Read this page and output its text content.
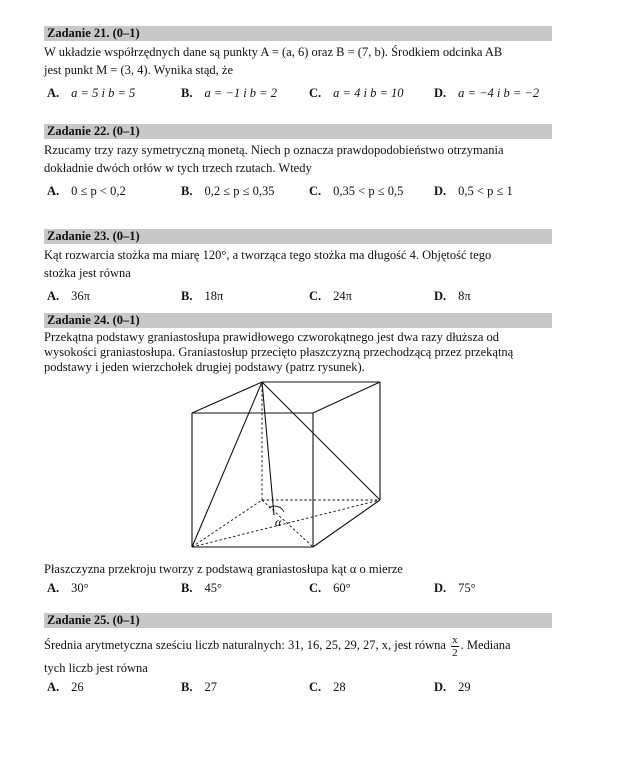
Zadanie 21. (0–1)
W układzie współrzędnych dane są punkty A = (a, 6) oraz B = (7, b). Środkiem odcinka AB
jest punkt M = (3, 4). Wynika stąd, że
A. a = 5 i b = 5	B. a = −1 i b = 2	C. a = 4 i b = 10 D. a = −4 i b = −2
Zadanie 22. (0–1)
Rzucamy trzy razy symetryczną monetą. Niech p oznacza prawdopodobieństwo otrzymania
dokładnie dwóch orłów w tych trzech rzutach. Wtedy
A. 0 ≤ p < 0,2	B. 0,2 ≤ p ≤ 0,35	C. 0,35 < p ≤ 0,5 D. 0,5 < p ≤ 1
Zadanie 23. (0–1)
Kąt rozwarcia stożka ma miarę 120°, a tworząca tego stożka ma długość 4. Objętość tego
stożka jest równa
A. 36π	B. 18π	C. 24π	D. 8π
Zadanie 24. (0–1)
Przekątna podstawy graniastosłupa prawidłowego czworokątnego jest dwa razy dłuższa od
wysokości graniastosłupa. Graniastosłup przecięto płaszczyzną przechodzącą przez przekątną
podstawy i jeden wierzchołek drugiej podstawy (patrz rysunek).
α
Płaszczyzna przekroju tworzy z podstawą graniastosłupa kąt α o mierze
A. 30°	B. 45°	C. 60°	D. 75°
Zadanie 25. (0–1)
Średnia arytmetyczna sześciu liczb naturalnych: 31, 16, 25, 29, 27, x, jest równa $\frac{x}{2}$ . Mediana
tych liczb jest równa
A. 26	B. 27	C. 28	D. 29
